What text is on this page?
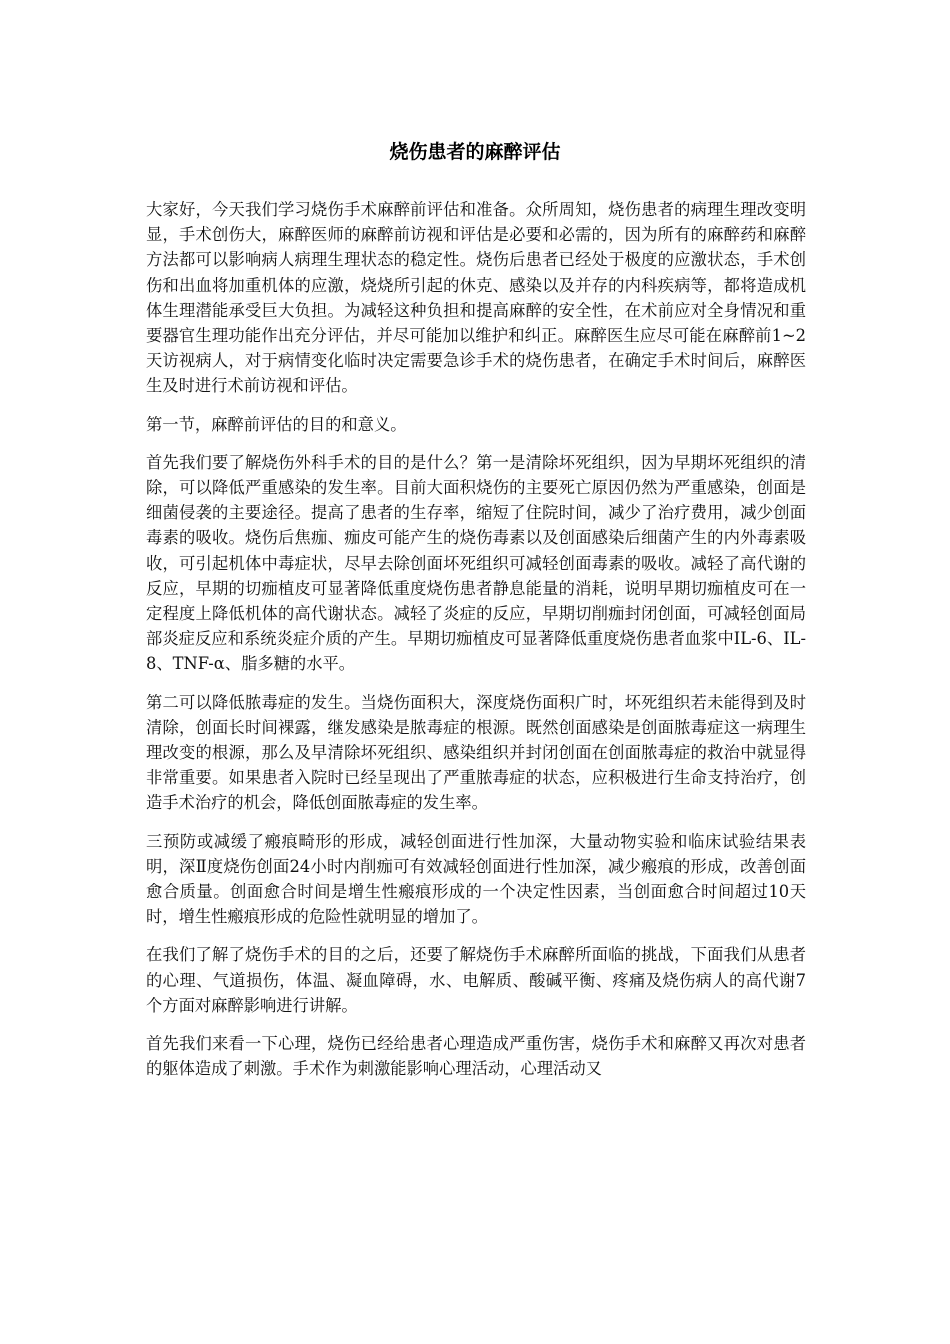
烧伤患者的麻醉评估

大家好，今天我们学习烧伤手术麻醉前评估和准备。众所周知，烧伤患者的病理生理改变明显，手术创伤大，麻醉医师的麻醉前访视和评估是必要和必需的，因为所有的麻醉药和麻醉方法都可以影响病人病理生理状态的稳定性。烧伤后患者已经处于极度的应激状态，手术创伤和出血将加重机体的应激，烧烧所引起的休克、感染以及并存的内科疾病等，都将造成机体生理潜能承受巨大负担。为减轻这种负担和提高麻醉的安全性，在术前应对全身情况和重要器官生理功能作出充分评估，并尽可能加以维护和纠正。麻醉医生应尽可能在麻醉前1~2天访视病人，对于病情变化临时决定需要急诊手术的烧伤患者，在确定手术时间后，麻醉医生及时进行术前访视和评估。

第一节，麻醉前评估的目的和意义。

首先我们要了解烧伤外科手术的目的是什么？第一是清除坏死组织，因为早期坏死组织的清除，可以降低严重感染的发生率。目前大面积烧伤的主要死亡原因仍然为严重感染，创面是细菌侵袭的主要途径。提高了患者的生存率，缩短了住院时间，减少了治疗费用，减少创面毒素的吸收。烧伤后焦痂、痂皮可能产生的烧伤毒素以及创面感染后细菌产生的内外毒素吸收，可引起机体中毒症状，尽早去除创面坏死组织可减轻创面毒素的吸收。减轻了高代谢的反应，早期的切痂植皮可显著降低重度烧伤患者静息能量的消耗，说明早期切痂植皮可在一定程度上降低机体的高代谢状态。减轻了炎症的反应，早期切削痂封闭创面，可减轻创面局部炎症反应和系统炎症介质的产生。早期切痂植皮可显著降低重度烧伤患者血浆中IL-6、IL-8、TNF-α、脂多糖的水平。

第二可以降低脓毒症的发生。当烧伤面积大，深度烧伤面积广时，坏死组织若未能得到及时清除，创面长时间裸露，继发感染是脓毒症的根源。既然创面感染是创面脓毒症这一病理生理改变的根源，那么及早清除坏死组织、感染组织并封闭创面在创面脓毒症的救治中就显得非常重要。如果患者入院时已经呈现出了严重脓毒症的状态，应积极进行生命支持治疗，创造手术治疗的机会，降低创面脓毒症的发生率。

三预防或减缓了瘢痕畸形的形成，减轻创面进行性加深，大量动物实验和临床试验结果表明，深Ⅱ度烧伤创面24小时内削痂可有效减轻创面进行性加深，减少瘢痕的形成，改善创面愈合质量。创面愈合时间是增生性瘢痕形成的一个决定性因素，当创面愈合时间超过10天时，增生性瘢痕形成的危险性就明显的增加了。

在我们了解了烧伤手术的目的之后，还要了解烧伤手术麻醉所面临的挑战，下面我们从患者的心理、气道损伤，体温、凝血障碍，水、电解质、酸碱平衡、疼痛及烧伤病人的高代谢7个方面对麻醉影响进行讲解。

首先我们来看一下心理，烧伤已经给患者心理造成严重伤害，烧伤手术和麻醉又再次对患者的躯体造成了刺激。手术作为刺激能影响心理活动，心理活动又
